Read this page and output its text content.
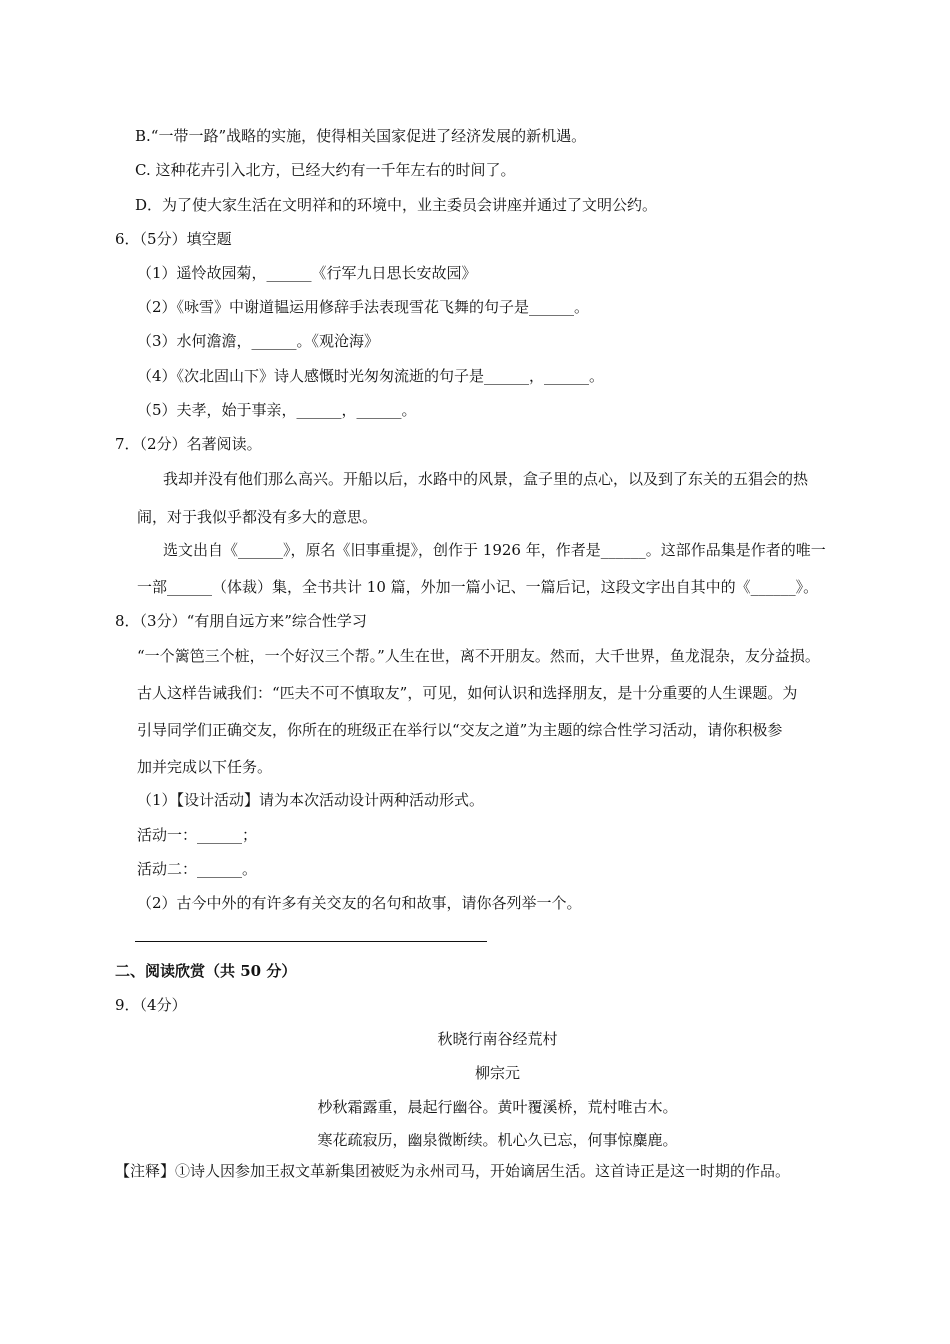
B.“一带一路”战略的实施，使得相关国家促进了经济发展的新机遇。
C. 这种花卉引入北方，已经大约有一千年左右的时间了。
D．为了使大家生活在文明祥和的环境中，业主委员会讲座并通过了文明公约。
6．（5分）填空题
（1）遥怜故园菊，______《行军九日思长安故园》
（2）《咏雪》中谢道韫运用修辞手法表现雪花飞舞的句子是______。
（3）水何澹澹，______。《观沧海》
（4）《次北固山下》诗人感慨时光匆匆流逝的句子是______，______。
（5）夫孝，始于事亲，______，______。
7．（2分）名著阅读。
我却并没有他们那么高兴。开船以后，水路中的风景，盒子里的点心，以及到了东关的五猖会的热
闹，对于我似乎都没有多大的意思。
选文出自《______》，原名《旧事重提》，创作于 1926 年，作者是______。这部作品集是作者的唯一
一部______（体裁）集，全书共计 10 篇，外加一篇小记、一篇后记，这段文字出自其中的《______》。
8．（3分）“有朋自远方来”综合性学习
“一个篱笆三个桩，一个好汉三个帮。”人生在世，离不开朋友。然而，大千世界，鱼龙混杂，友分益损。
古人这样告诫我们：“匹夫不可不慎取友”，可见，如何认识和选择朋友，是十分重要的人生课题。为
引导同学们正确交友，你所在的班级正在举行以“交友之道”为主题的综合性学习活动，请你积极参
加并完成以下任务。
（1）【设计活动】请为本次活动设计两种活动形式。
活动一：______；
活动二：______。
（2）古今中外的有许多有关交友的名句和故事，请你各列举一个。
二、阅读欣赏（共 50 分）
9．（4分）
秋晓行南谷经荒村
柳宗元
杪秋霜露重，晨起行幽谷。黄叶覆溪桥，荒村唯古木。
寒花疏寂历，幽泉微断续。机心久已忘，何事惊麋鹿。
【注释】①诗人因参加王叔文革新集团被贬为永州司马，开始谪居生活。这首诗正是这一时期的作品。
